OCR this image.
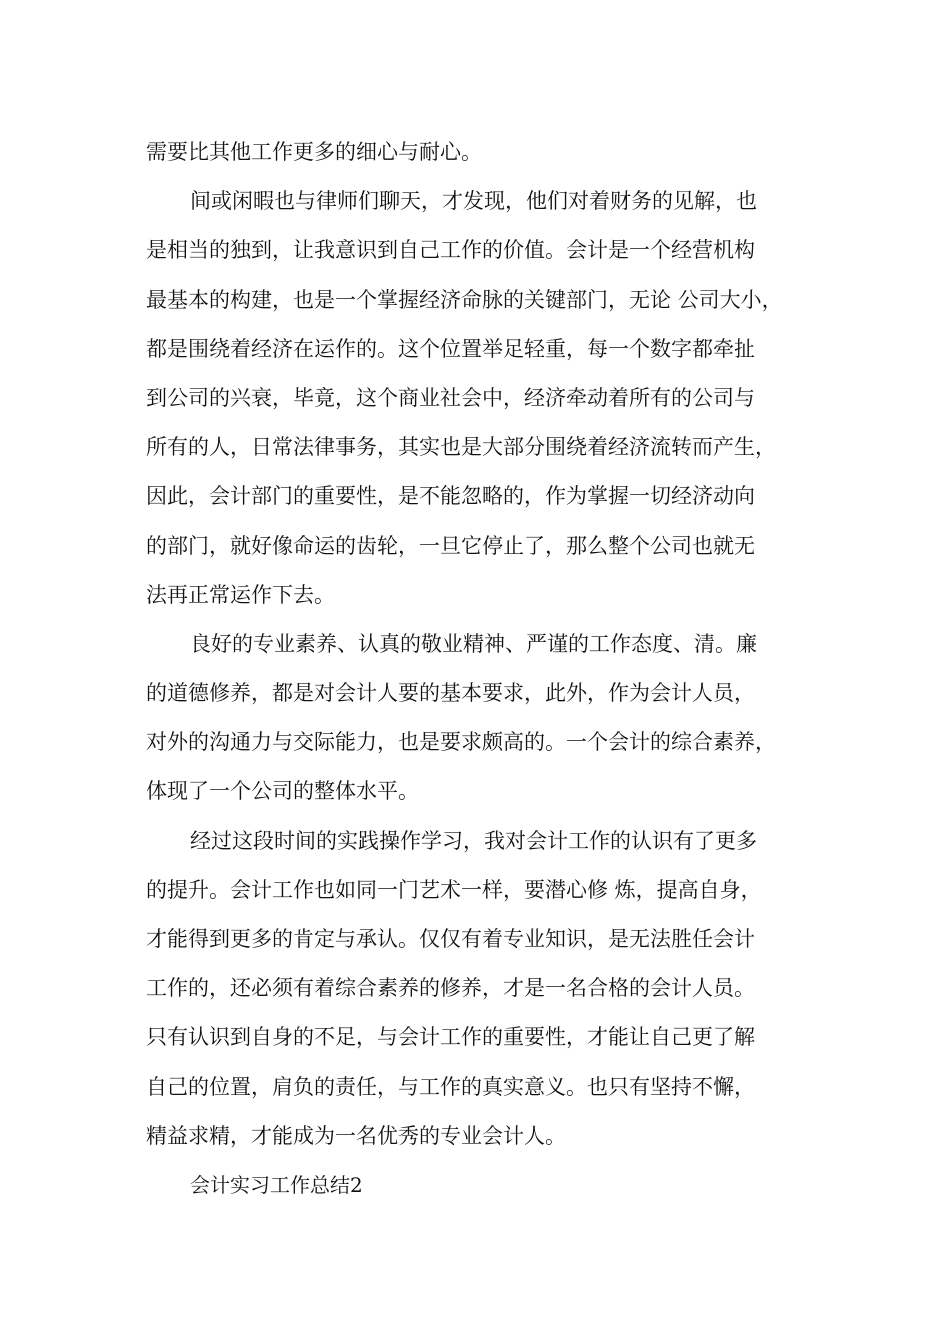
需要比其他工作更多的细心与耐心。
间或闲暇也与律师们聊天，才发现，他们对着财务的见解，也
是相当的独到，让我意识到自己工作的价值。会计是一个经营机构
最基本的构建，也是一个掌握经济命脉的关键部门，无论 公司大小，
都是围绕着经济在运作的。这个位置举足轻重，每一个数字都牵扯
到公司的兴衰，毕竟，这个商业社会中，经济牵动着所有的公司与
所有的人，日常法律事务，其实也是大部分围绕着经济流转而产生，
因此，会计部门的重要性，是不能忽略的，作为掌握一切经济动向
的部门，就好像命运的齿轮，一旦它停止了，那么整个公司也就无
法再正常运作下去。
良好的专业素养、认真的敬业精神、严谨的工作态度、清。廉
的道德修养，都是对会计人要的基本要求，此外，作为会计人员，
对外的沟通力与交际能力，也是要求颇高的。一个会计的综合素养，
体现了一个公司的整体水平。
经过这段时间的实践操作学习，我对会计工作的认识有了更多
的提升。会计工作也如同一门艺术一样，要潜心修 炼，提高自身，
才能得到更多的肯定与承认。仅仅有着专业知识，是无法胜任会计
工作的，还必须有着综合素养的修养，才是一名合格的会计人员。
只有认识到自身的不足，与会计工作的重要性，才能让自己更了解
自己的位置，肩负的责任，与工作的真实意义。也只有坚持不懈，
精益求精，才能成为一名优秀的专业会计人。
会计实习工作总结2
